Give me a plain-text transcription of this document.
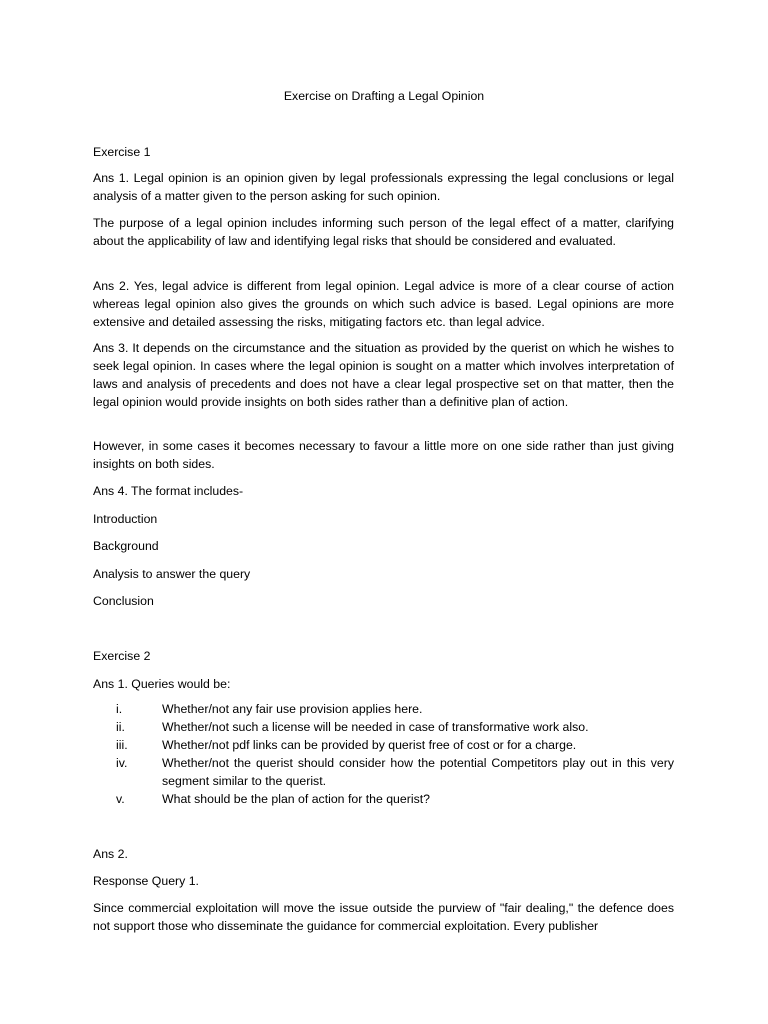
Exercise on Drafting a Legal Opinion

Exercise 1

Ans 1. Legal opinion is an opinion given by legal professionals expressing the legal conclusions or legal analysis of a matter given to the person asking for such opinion.

The purpose of a legal opinion includes informing such person of the legal effect of a matter, clarifying about the applicability of law and identifying legal risks that should be considered and evaluated.

Ans 2. Yes, legal advice is different from legal opinion. Legal advice is more of a clear course of action whereas legal opinion also gives the grounds on which such advice is based. Legal opinions are more extensive and detailed assessing the risks, mitigating factors etc. than legal advice.

Ans 3. It depends on the circumstance and the situation as provided by the querist on which he wishes to seek legal opinion. In cases where the legal opinion is sought on a matter which involves interpretation of laws and analysis of precedents and does not have a clear legal prospective set on that matter, then the legal opinion would provide insights on both sides rather than a definitive plan of action.

However, in some cases it becomes necessary to favour a little more on one side rather than just giving insights on both sides.

Ans 4. The format includes-

Introduction

Background

Analysis to answer the query

Conclusion

Exercise 2

Ans 1. Queries would be:

i.	Whether/not any fair use provision applies here.
ii.	Whether/not such a license will be needed in case of transformative work also.
iii.	Whether/not pdf links can be provided by querist free of cost or for a charge.
iv.	Whether/not the querist should consider how the potential Competitors play out in this very segment similar to the querist.
v.	What should be the plan of action for the querist?

Ans 2.

Response Query 1.

Since commercial exploitation will move the issue outside the purview of "fair dealing," the defence does not support those who disseminate the guidance for commercial exploitation. Every publisher
